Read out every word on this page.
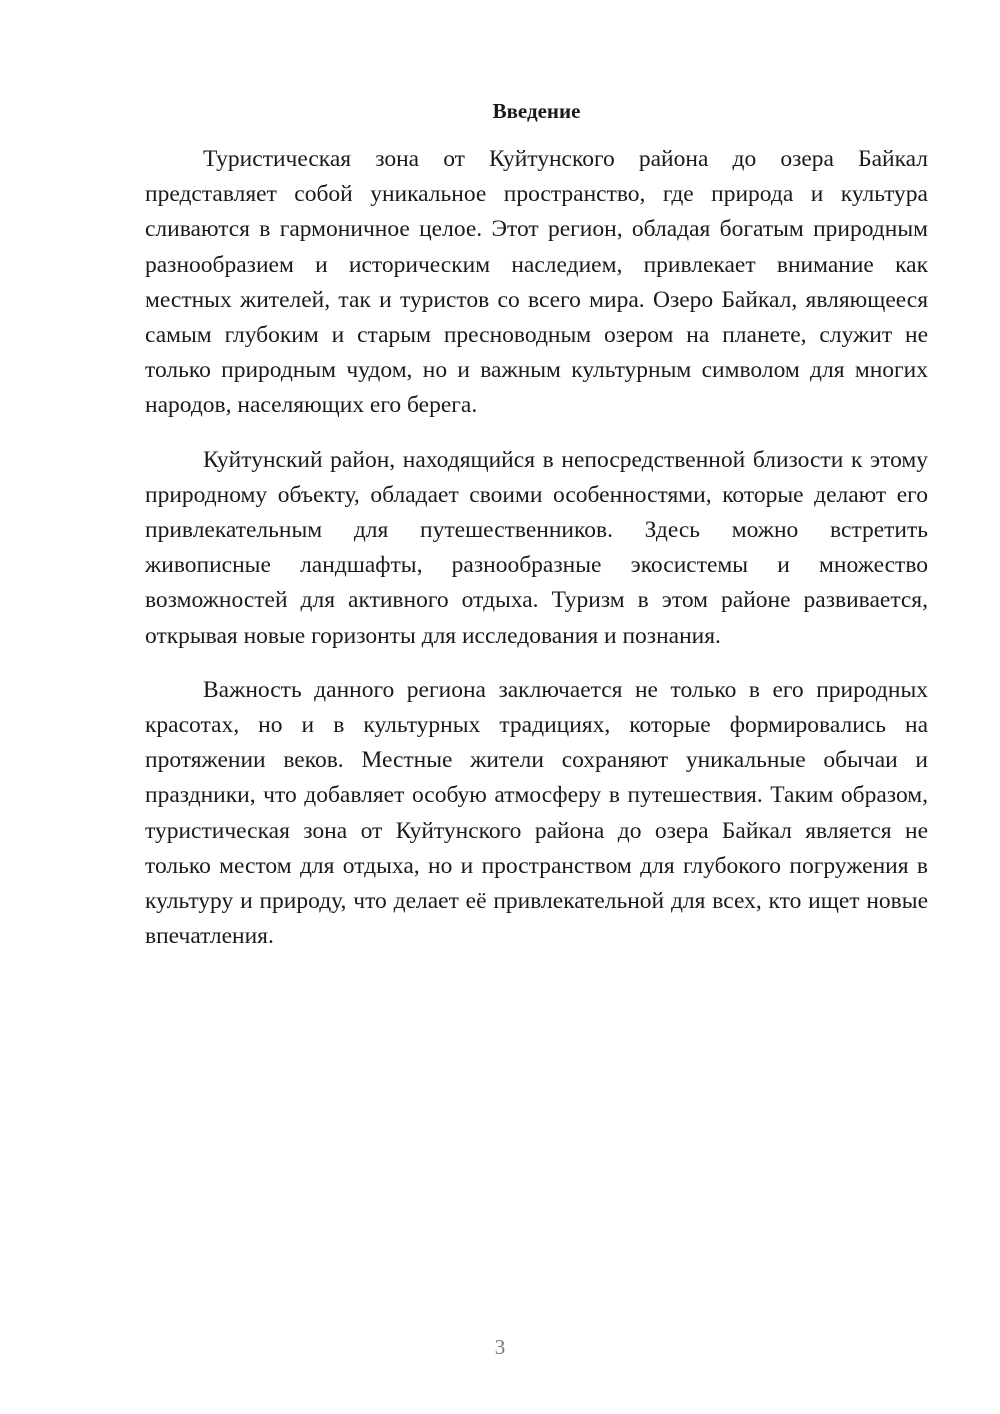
Введение

Туристическая зона от Куйтунского района до озера Байкал представляет собой уникальное пространство, где природа и культура сливаются в гармоничное целое. Этот регион, обладая богатым природным разнообразием и историческим наследием, привлекает внимание как местных жителей, так и туристов со всего мира. Озеро Байкал, являющееся самым глубоким и старым пресноводным озером на планете, служит не только природным чудом, но и важным культурным символом для многих народов, населяющих его берега.

Куйтунский район, находящийся в непосредственной близости к этому природному объекту, обладает своими особенностями, которые делают его привлекательным для путешественников. Здесь можно встретить живописные ландшафты, разнообразные экосистемы и множество возможностей для активного отдыха. Туризм в этом районе развивается, открывая новые горизонты для исследования и познания.

Важность данного региона заключается не только в его природных красотах, но и в культурных традициях, которые формировались на протяжении веков. Местные жители сохраняют уникальные обычаи и праздники, что добавляет особую атмосферу в путешествия. Таким образом, туристическая зона от Куйтунского района до озера Байкал является не только местом для отдыха, но и пространством для глубокого погружения в культуру и природу, что делает её привлекательной для всех, кто ищет новые впечатления.

3
